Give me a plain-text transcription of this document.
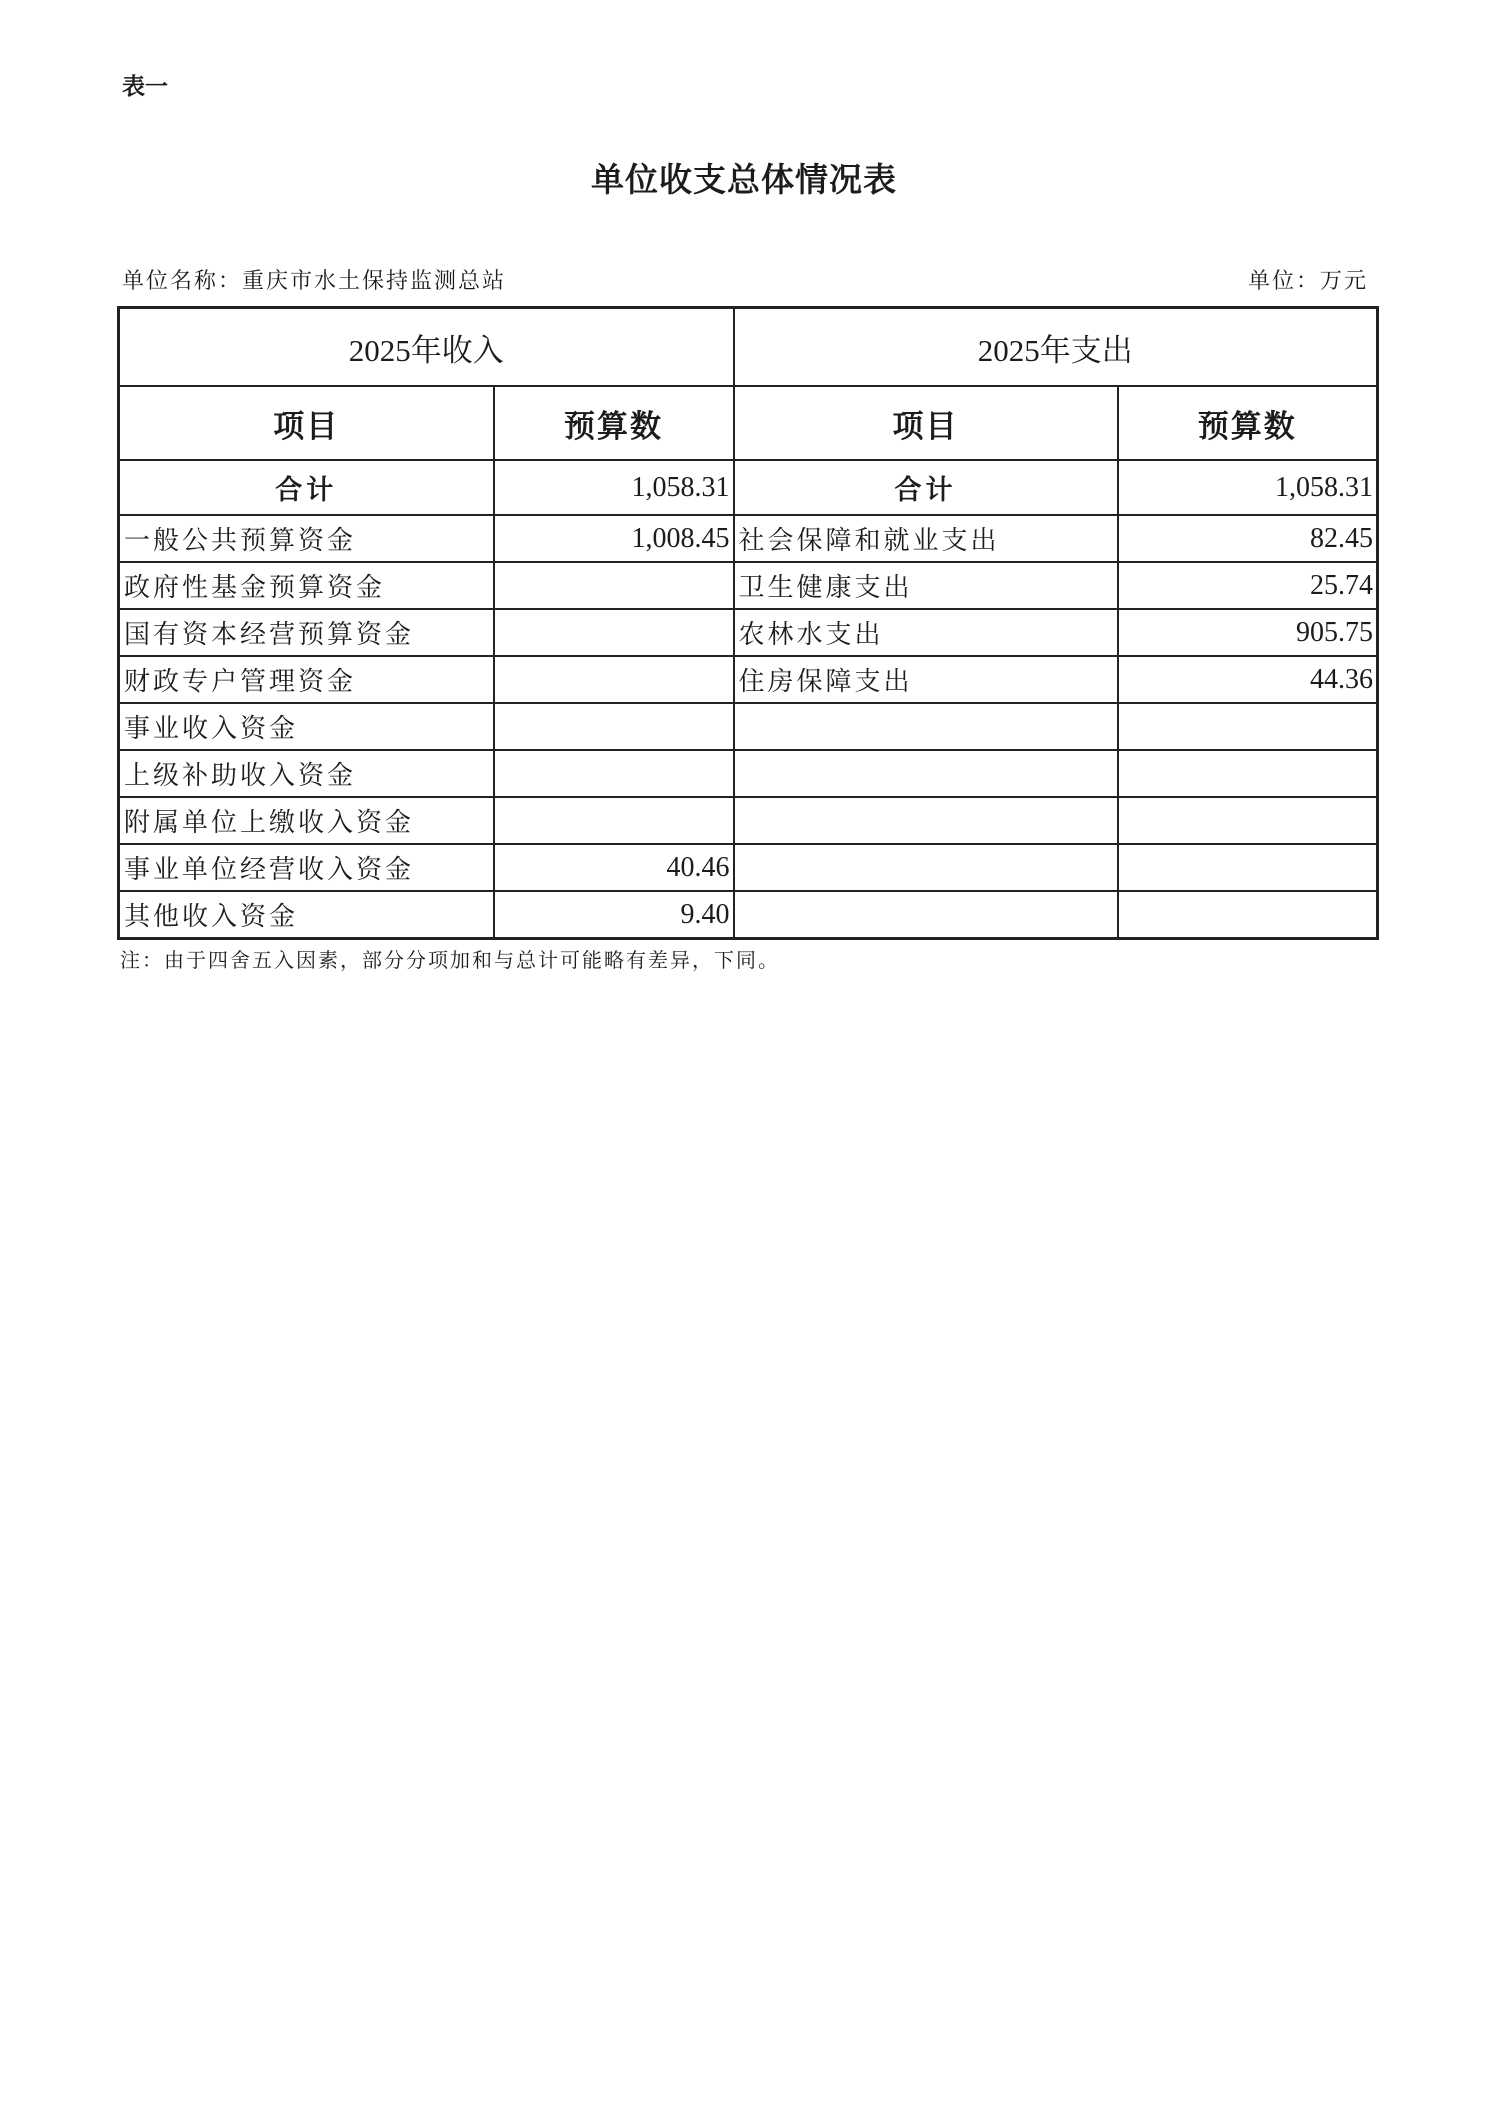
表一
单位收支总体情况表
单位名称：重庆市水土保持监测总站	单位：万元
2025年收入		2025年支出	
项目	预算数	项目	预算数
合计	1,058.31	合计	1,058.31
一般公共预算资金	1,008.45	社会保障和就业支出	82.45
政府性基金预算资金		卫生健康支出	25.74
国有资本经营预算资金		农林水支出	905.75
财政专户管理资金		住房保障支出	44.36
事业收入资金			
上级补助收入资金			
附属单位上缴收入资金			
事业单位经营收入资金	40.46		
其他收入资金	9.40		
注：由于四舍五入因素，部分分项加和与总计可能略有差异，下同。
